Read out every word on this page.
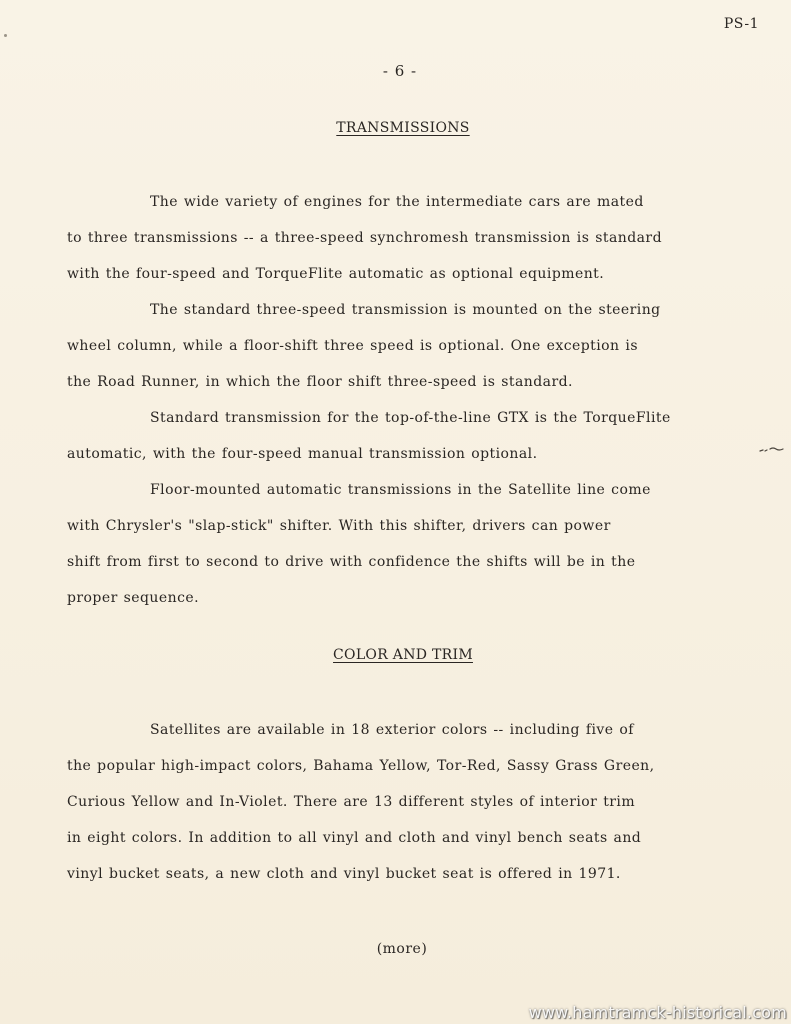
PS-1
- 6 -
TRANSMISSIONS
The wide variety of engines for the intermediate cars are mated
to three transmissions -- a three-speed synchromesh transmission is standard
with the four-speed and TorqueFlite automatic as optional equipment.
The standard three-speed transmission is mounted on the steering
wheel column, while a floor-shift three speed is optional. One exception is
the Road Runner, in which the floor shift three-speed is standard.
Standard transmission for the top-of-the-line GTX is the TorqueFlite
automatic, with the four-speed manual transmission optional.
Floor-mounted automatic transmissions in the Satellite line come
with Chrysler's "slap-stick" shifter. With this shifter, drivers can power
shift from first to second to drive with confidence the shifts will be in the
proper sequence.
COLOR AND TRIM
Satellites are available in 18 exterior colors -- including five of
the popular high-impact colors, Bahama Yellow, Tor-Red, Sassy Grass Green,
Curious Yellow and In-Violet. There are 13 different styles of interior trim
in eight colors. In addition to all vinyl and cloth and vinyl bench seats and
vinyl bucket seats, a new cloth and vinyl bucket seat is offered in 1971.
(more)
www.hamtramck-historical.com
